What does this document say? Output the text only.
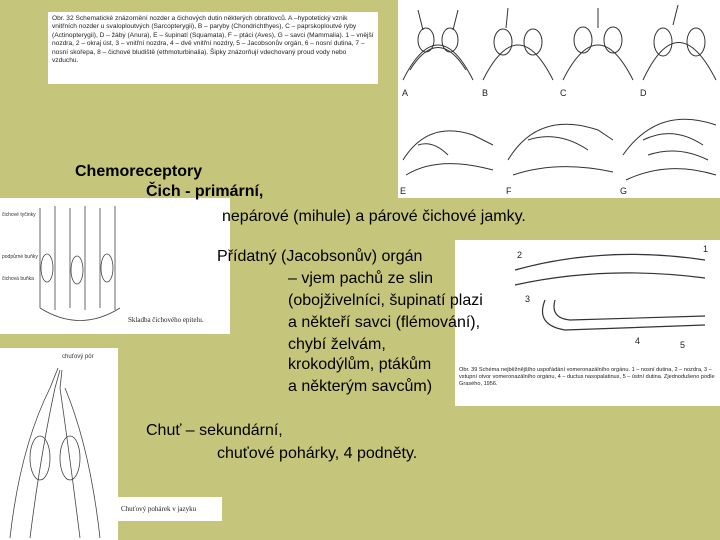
Obr. 32 Schematické znázornění nozder a čichových dutin některých obratlovců. A –hypotetický vznik vnitřních nozder u svaloploutvých (Sarcopterygii), B – paryby (Chondrichthyes), C – paprskoploutvé ryby (Actinopterygii), D – žáby (Anura), E – šupinatí (Squamata), F – ptáci (Aves), G – savci (Mammalia). 1 – vnější nozdra, 2 – okraj úst, 3 – vnitřní nozdra, 4 – dvě vnitřní nozdry, 5 – Jacobsonův orgán, 6 – nosní dutina, 7 – nosní skořepa, 8 – čichové bludiště (ethmoturbinalia). Šipky znázorňují vdechovaný proud vody nebo vzduchu.
A	B	C	D
E	F	G
čichové tyčinky
podpůrné buňky
čichová buňka
Skladba čichového epitelu.
1
2
3
4	5
Obr. 39 Schéma nejběžnějšího uspořádání vomeronazálního orgánu. 1 – nosní dutina, 2 – nozdra, 3 – vstupní otvor vomeronazálního orgánu, 4 – ductus nasopalatinus, 5 – ústní dutina. Zjednodušeno podle Grasého, 1956.
chuťový pór
Chuťový pohárek v jazyku
Chemoreceptory
Čich - primární,
nepárové (mihule) a párové čichové jamky.
Přídatný (Jacobsonův) orgán
– vjem pachů ze slin
(obojživelníci, šupinatí plazi
a někteří savci (flémování),
chybí želvám,
krokodýlům, ptákům
a některým savcům)
Chuť – sekundární,
chuťové pohárky, 4 podněty.
